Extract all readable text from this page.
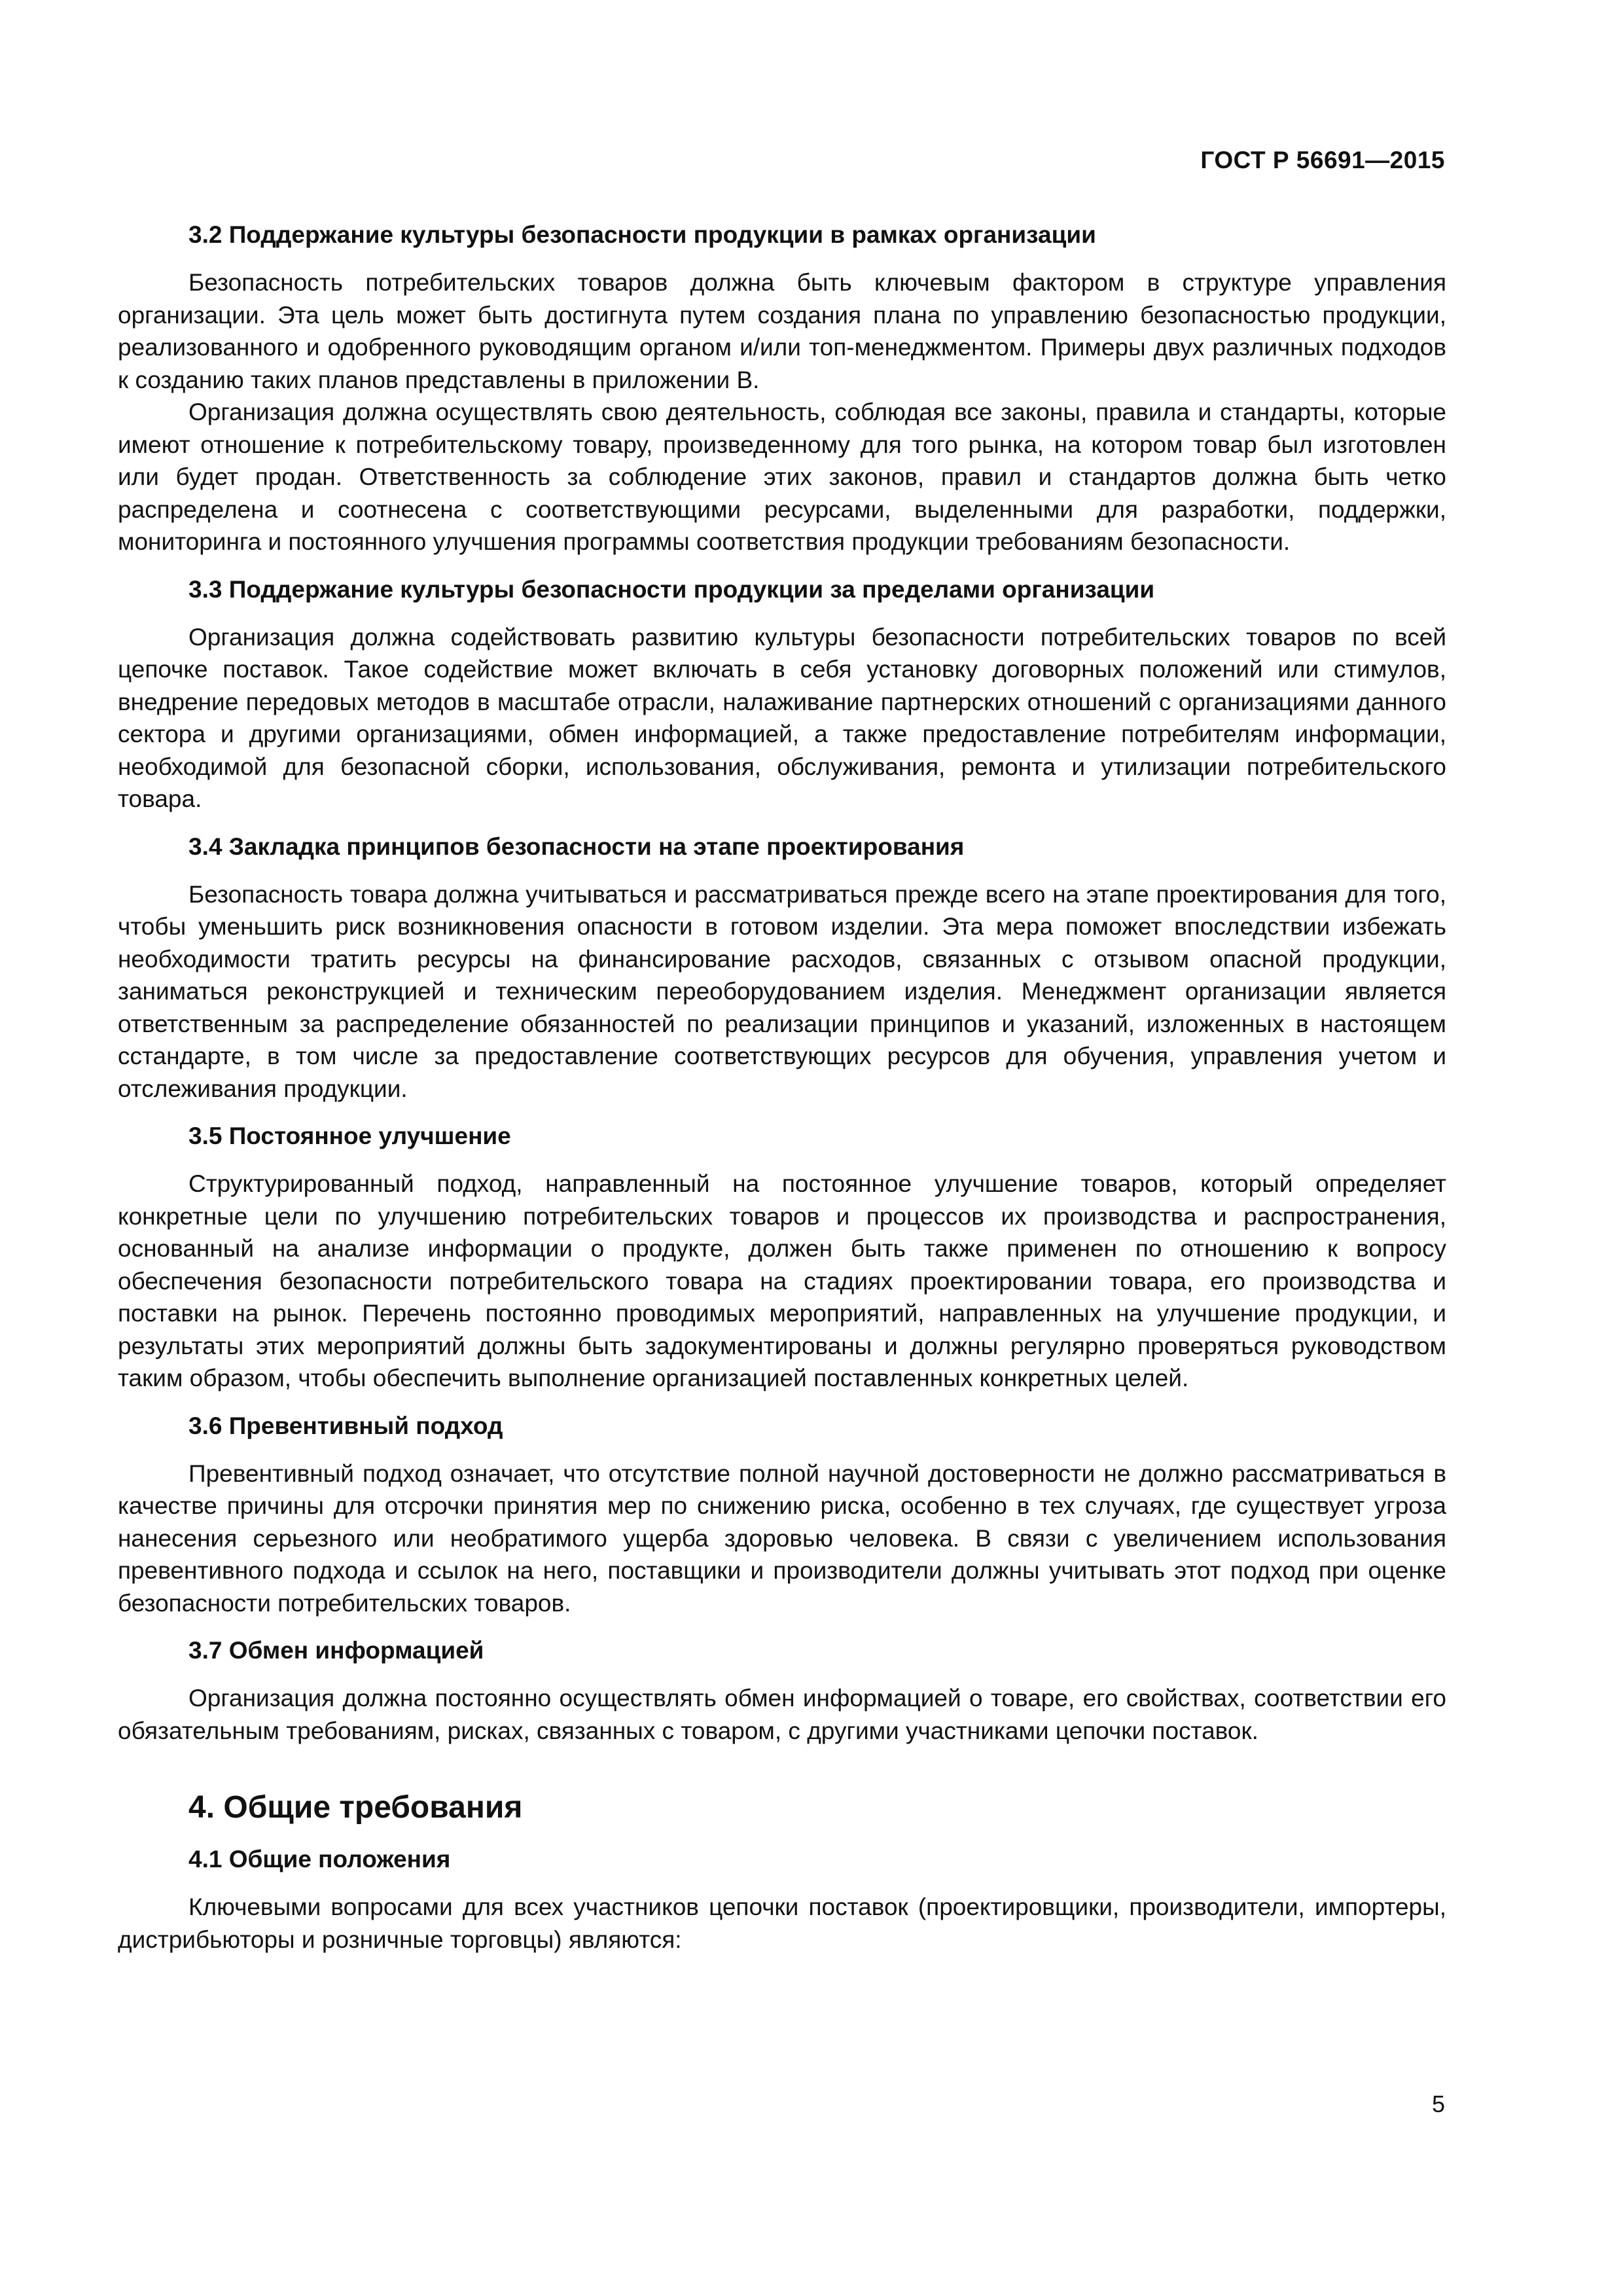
ГОСТ Р 56691—2015
3.2 Поддержание культуры безопасности продукции в рамках организации

Безопасность потребительских товаров должна быть ключевым фактором в структуре управления организации. Эта цель может быть достигнута путем создания плана по управлению безопасностью продукции, реализованного и одобренного руководящим органом и/или топ-менеджментом. Примеры двух различных подходов к созданию таких планов представлены в приложении В.

Организация должна осуществлять свою деятельность, соблюдая все законы, правила и стандарты, которые имеют отношение к потребительскому товару, произведенному для того рынка, на котором товар был изготовлен или будет продан. Ответственность за соблюдение этих законов, правил и стандартов должна быть четко распределена и соотнесена с соответствующими ресурсами, выделенными для разработки, поддержки, мониторинга и постоянного улучшения программы соответствия продукции требованиям безопасности.

3.3 Поддержание культуры безопасности продукции за пределами организации

Организация должна содействовать развитию культуры безопасности потребительских товаров по всей цепочке поставок. Такое содействие может включать в себя установку договорных положений или стимулов, внедрение передовых методов в масштабе отрасли, налаживание партнерских отношений с организациями данного сектора и другими организациями, обмен информацией, а также предоставление потребителям информации, необходимой для безопасной сборки, использования, обслуживания, ремонта и утилизации потребительского товара.

3.4 Закладка принципов безопасности на этапе проектирования

Безопасность товара должна учитываться и рассматриваться прежде всего на этапе проектирования для того, чтобы уменьшить риск возникновения опасности в готовом изделии. Эта мера поможет впоследствии избежать необходимости тратить ресурсы на финансирование расходов, связанных с отзывом опасной продукции, заниматься реконструкцией и техническим переоборудованием изделия. Менеджмент организации является ответственным за распределение обязанностей по реализации принципов и указаний, изложенных в настоящем сстандарте, в том числе за предоставление соответствующих ресурсов для обучения, управления учетом и отслеживания продукции.

3.5 Постоянное улучшение

Структурированный подход, направленный на постоянное улучшение товаров, который определяет конкретные цели по улучшению потребительских товаров и процессов их производства и распространения, основанный на анализе информации о продукте, должен быть также применен по отношению к вопросу обеспечения безопасности потребительского товара на стадиях проектировании товара, его производства и поставки на рынок. Перечень постоянно проводимых мероприятий, направленных на улучшение продукции, и результаты этих мероприятий должны быть задокументированы и должны регулярно проверяться руководством таким образом, чтобы обеспечить выполнение организацией поставленных конкретных целей.

3.6 Превентивный подход

Превентивный подход означает, что отсутствие полной научной достоверности не должно рассматриваться в качестве причины для отсрочки принятия мер по снижению риска, особенно в тех случаях, где существует угроза нанесения серьезного или необратимого ущерба здоровью человека. В связи с увеличением использования превентивного подхода и ссылок на него, поставщики и производители должны учитывать этот подход при оценке безопасности потребительских товаров.

3.7 Обмен информацией

Организация должна постоянно осуществлять обмен информацией о товаре, его свойствах, соответствии его обязательным требованиям, рисках, связанных с товаром, с другими участниками цепочки поставок.

4. Общие требования
4.1 Общие положения

Ключевыми вопросами для всех участников цепочки поставок (проектировщики, производители, импортеры, дистрибьюторы и розничные торговцы) являются:

5
